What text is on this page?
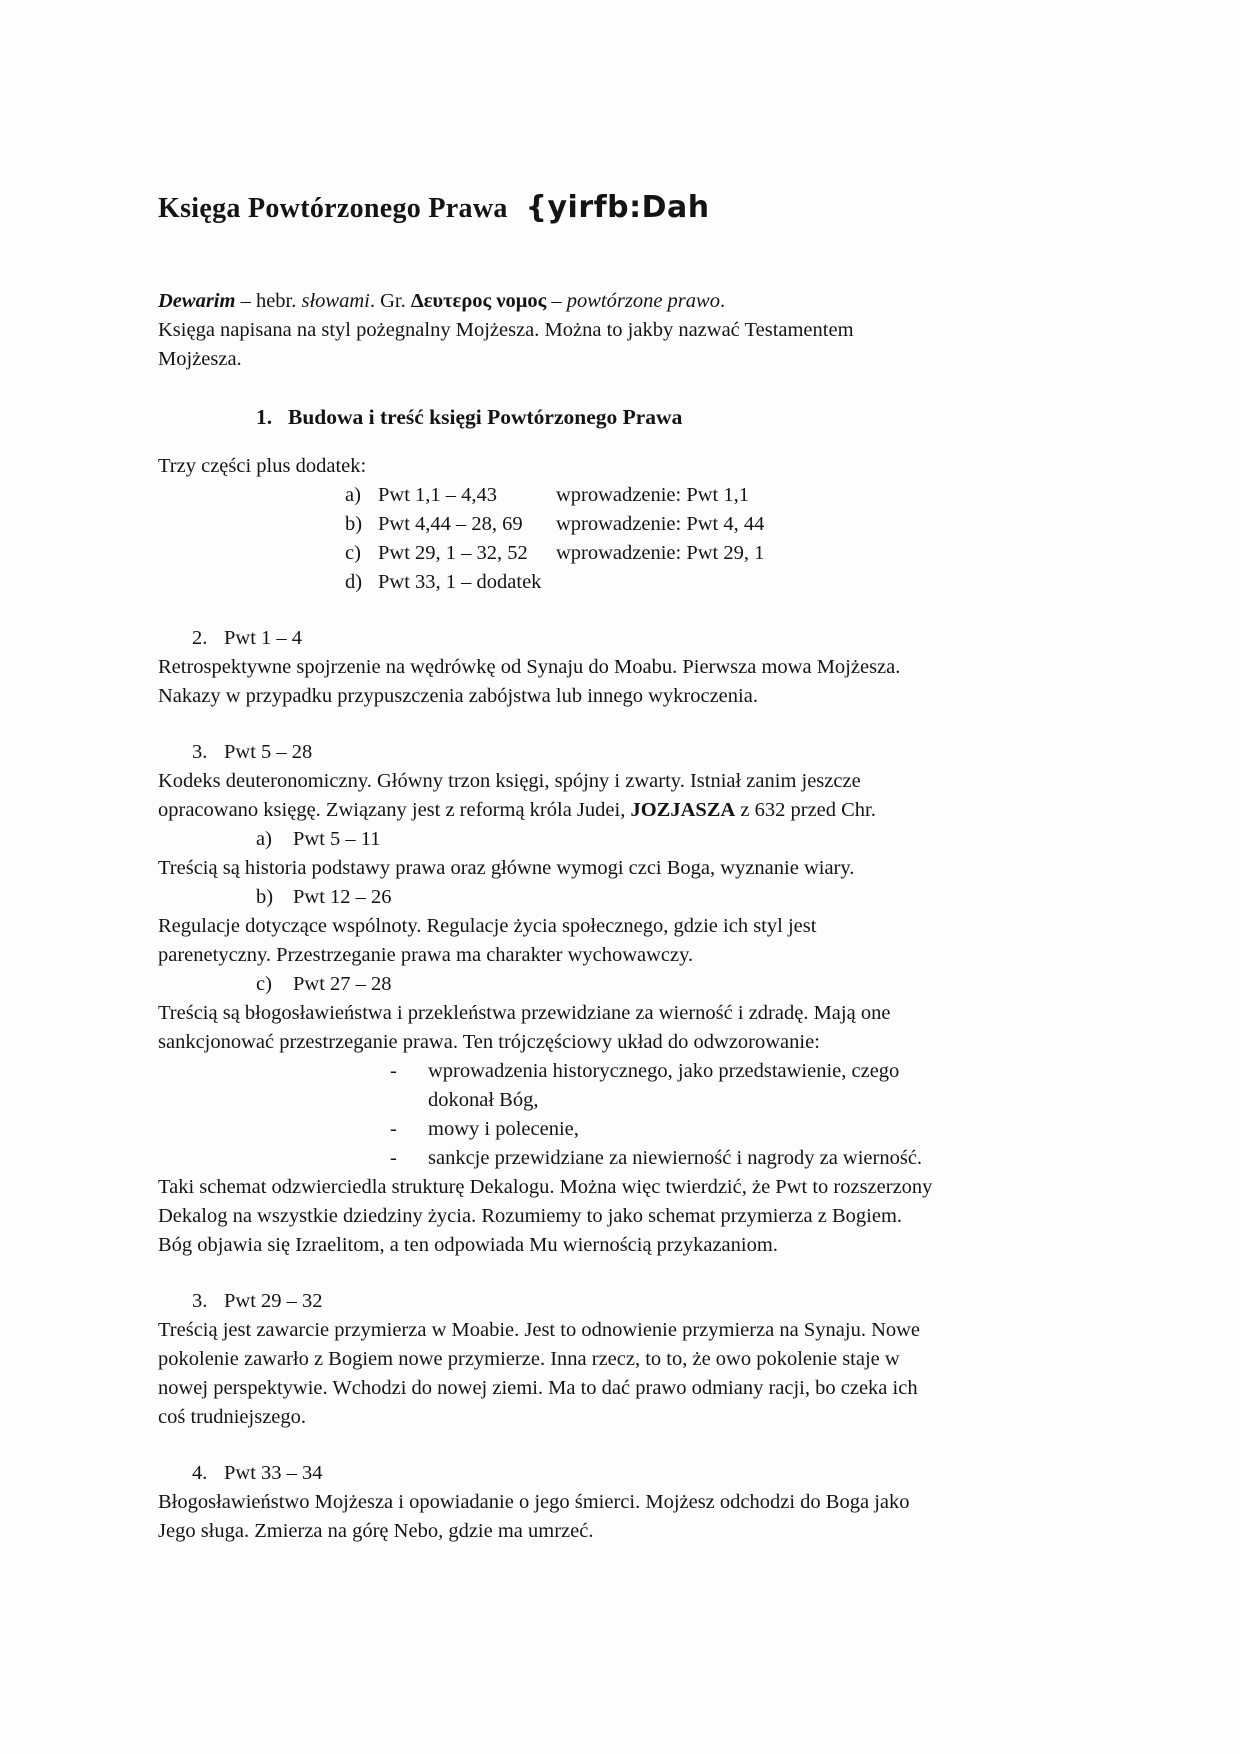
Księga Powtórzonego Prawa {yirfb:Dah
Dewarim – hebr. słowami. Gr. Δευτερος νομος – powtórzone prawo.
Księga napisana na styl pożegnalny Mojżesza. Można to jakby nazwać Testamentem
Mojżesza.
1. Budowa i treść księgi Powtórzonego Prawa
Trzy części plus dodatek:
a) Pwt 1,1 – 4,43	wprowadzenie: Pwt 1,1
b) Pwt 4,44 – 28, 69	wprowadzenie: Pwt 4, 44
c) Pwt 29, 1 – 32, 52	wprowadzenie: Pwt 29, 1
d) Pwt 33, 1 – dodatek
2. Pwt 1 – 4
Retrospektywne spojrzenie na wędrówkę od Synaju do Moabu. Pierwsza mowa Mojżesza.
Nakazy w przypadku przypuszczenia zabójstwa lub innego wykroczenia.
3. Pwt 5 – 28
Kodeks deuteronomiczny. Główny trzon księgi, spójny i zwarty. Istniał zanim jeszcze
opracowano księgę. Związany jest z reformą króla Judei, JOZJASZA z 632 przed Chr.
a) Pwt 5 – 11
Treścią są historia podstawy prawa oraz główne wymogi czci Boga, wyznanie wiary.
b) Pwt 12 – 26
Regulacje dotyczące wspólnoty. Regulacje życia społecznego, gdzie ich styl jest
parenetyczny. Przestrzeganie prawa ma charakter wychowawczy.
c) Pwt 27 – 28
Treścią są błogosławieństwa i przekleństwa przewidziane za wierność i zdradę. Mają one
sankcjonować przestrzeganie prawa. Ten trójczęściowy układ do odwzorowanie:
-	wprowadzenia historycznego, jako przedstawienie, czego
dokonał Bóg,
-	mowy i polecenie,
-	sankcje przewidziane za niewierność i nagrody za wierność.
Taki schemat odzwierciedla strukturę Dekalogu. Można więc twierdzić, że Pwt to rozszerzony
Dekalog na wszystkie dziedziny życia. Rozumiemy to jako schemat przymierza z Bogiem.
Bóg objawia się Izraelitom, a ten odpowiada Mu wiernością przykazaniom.
3. Pwt 29 – 32
Treścią jest zawarcie przymierza w Moabie. Jest to odnowienie przymierza na Synaju. Nowe
pokolenie zawarło z Bogiem nowe przymierze. Inna rzecz, to to, że owo pokolenie staje w
nowej perspektywie. Wchodzi do nowej ziemi. Ma to dać prawo odmiany racji, bo czeka ich
coś trudniejszego.
4. Pwt 33 – 34
Błogosławieństwo Mojżesza i opowiadanie o jego śmierci. Mojżesz odchodzi do Boga jako
Jego sługa. Zmierza na górę Nebo, gdzie ma umrzeć.
